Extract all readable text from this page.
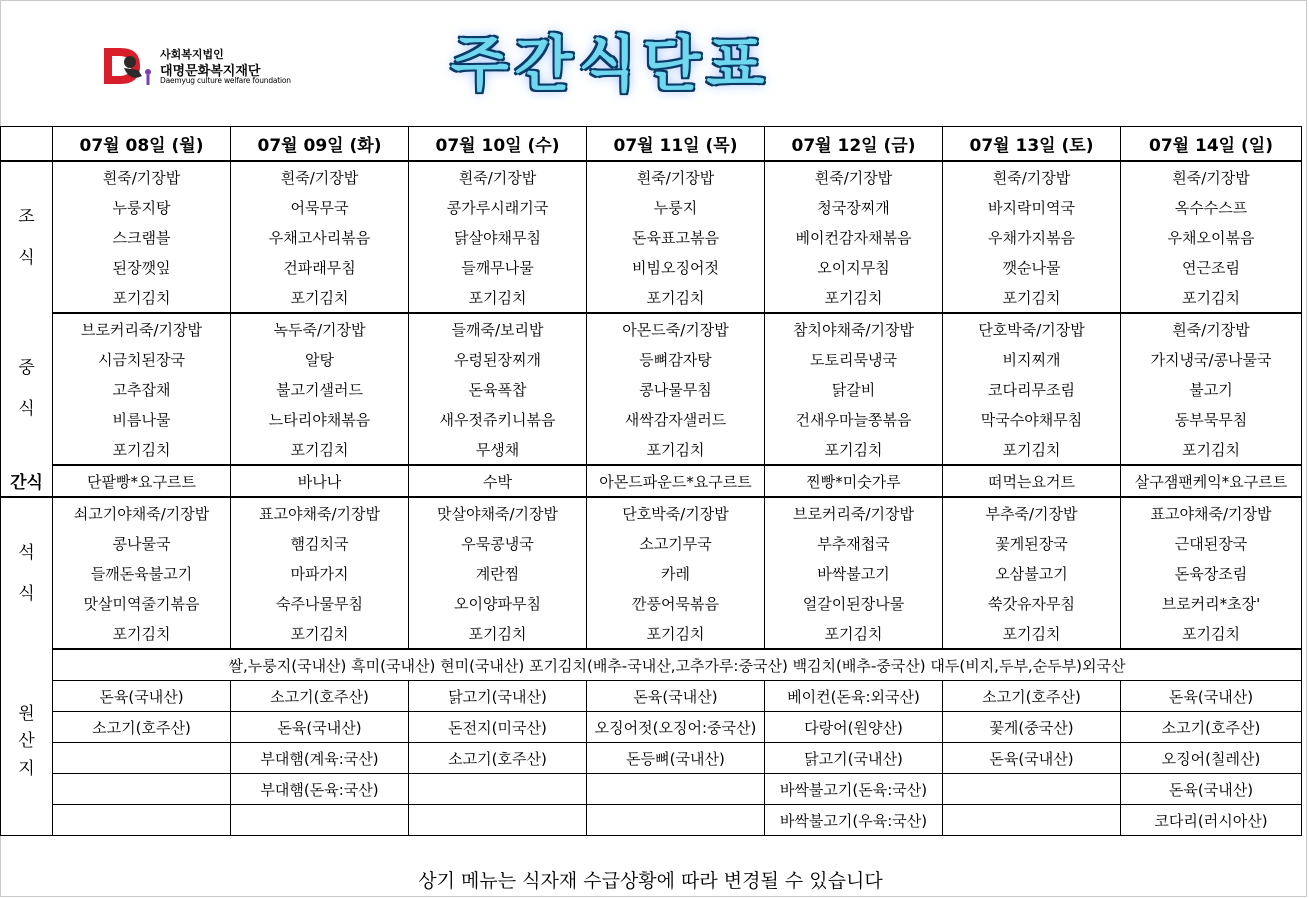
사회복지법인
대명문화복지재단
Daemyug culture welfare foundation	주간식단표
	07월 08일 (월)	07월 09일 (화)	07월 10일 (수)	07월 11일 (목)	07월 12일 (금)	07월 13일 (토)	07월 14일 (일)

조
식	흰죽/기장밥	흰죽/기장밥	흰죽/기장밥	흰죽/기장밥	흰죽/기장밥	흰죽/기장밥	흰죽/기장밥
	누룽지탕	어묵무국	콩가루시래기국	누룽지	청국장찌개	바지락미역국	옥수수스프
	스크램블	우채고사리볶음	닭살야채무침	돈육표고볶음	베이컨감자채볶음	우채가지볶음	우채오이볶음
	된장깻잎	건파래무침	들깨무나물	비빔오징어젓	오이지무침	깻순나물	연근조림
	포기김치	포기김치	포기김치	포기김치	포기김치	포기김치	포기김치

중
식	브로커리죽/기장밥	녹두죽/기장밥	들깨죽/보리밥	아몬드죽/기장밥	참치야채죽/기장밥	단호박죽/기장밥	흰죽/기장밥
	시금치된장국	알탕	우렁된장찌개	등뼈감자탕	도토리묵냉국	비지찌개	가지냉국/콩나물국
	고추잡채	불고기샐러드	돈육폭찹	콩나물무침	닭갈비	코다리무조림	불고기
	비름나물	느타리야채볶음	새우젓쥬키니볶음	새싹감자샐러드	건새우마늘쫑볶음	막국수야채무침	동부묵무침
	포기김치	포기김치	무생채	포기김치	포기김치	포기김치	포기김치
간식	단팥빵*요구르트	바나나	수박	아몬드파운드*요구르트	찐빵*미숫가루	떠먹는요거트	살구잼팬케익*요구르트

석
식	쇠고기야채죽/기장밥	표고야채죽/기장밥	맛살야채죽/기장밥	단호박죽/기장밥	브로커리죽/기장밥	부추죽/기장밥	표고야채죽/기장밥
	콩나물국	햄김치국	우묵콩냉국	소고기무국	부추재첩국	꽃게된장국	근대된장국
	들깨돈육불고기	마파가지	계란찜	카레	바싹불고기	오삼불고기	돈육장조림
	맛살미역줄기볶음	숙주나물무침	오이양파무침	깐풍어묵볶음	얼갈이된장나물	쑥갓유자무침	브로커리*초장'
	포기김치	포기김치	포기김치	포기김치	포기김치	포기김치	포기김치

원
산
지	쌀,누룽지(국내산) 흑미(국내산) 현미(국내산) 포기김치(배추-국내산,고추가루:중국산) 백김치(배추-중국산) 대두(비지,두부,순두부)외국산						
	돈육(국내산)	소고기(호주산)	닭고기(국내산)	돈육(국내산)	베이컨(돈육:외국산)	소고기(호주산)	돈육(국내산)
	소고기(호주산)	돈육(국내산)	돈전지(미국산)	오징어젓(오징어:중국산)	다랑어(원양산)	꽃게(중국산)	소고기(호주산)
		부대햄(계육:국산)	소고기(호주산)	돈등뼈(국내산)	닭고기(국내산)	돈육(국내산)	오징어(칠레산)
		부대햄(돈육:국산)			바싹불고기(돈육:국산)		돈육(국내산)
					바싹불고기(우육:국산)		코다리(러시아산)
상기 메뉴는 식자재 수급상황에 따라 변경될 수 있습니다
